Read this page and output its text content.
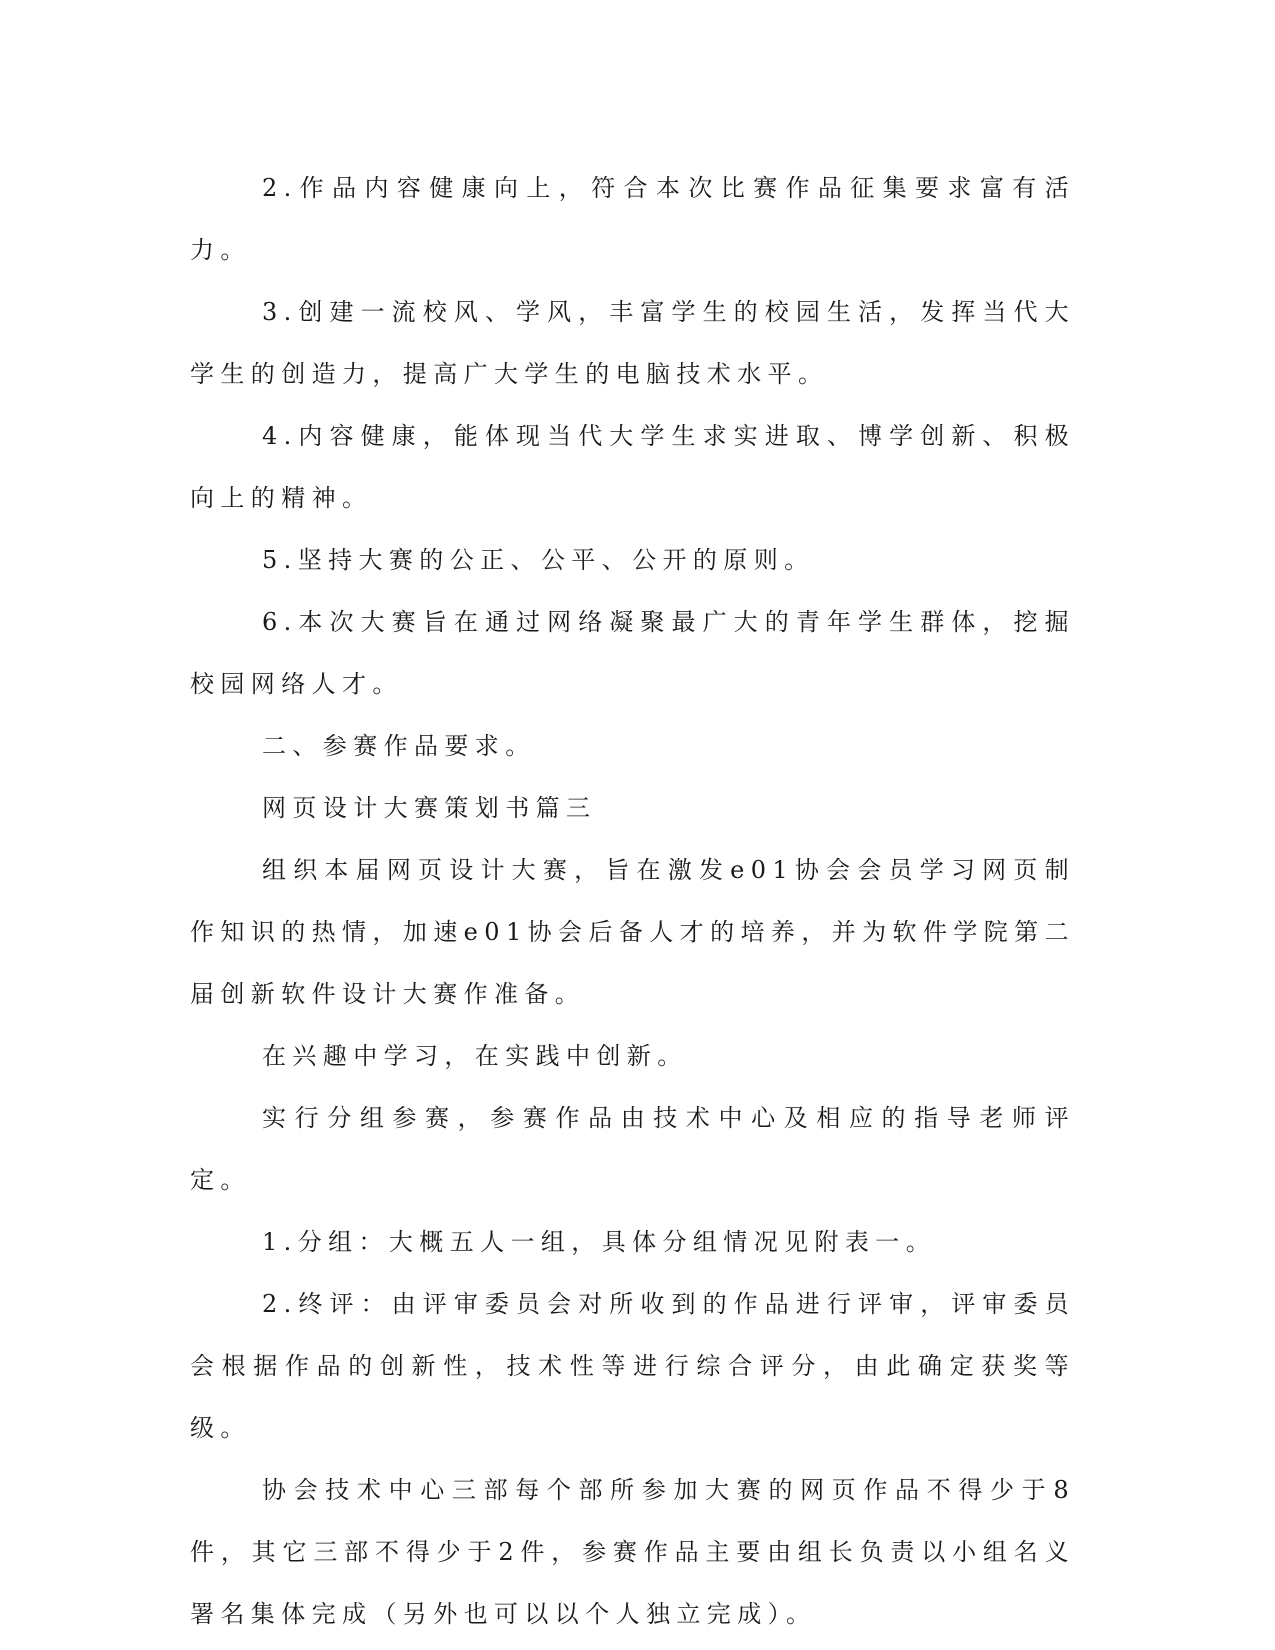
2.作品内容健康向上，符合本次比赛作品征集要求富有活力。

3.创建一流校风、学风，丰富学生的校园生活，发挥当代大学生的创造力，提高广大学生的电脑技术水平。

4.内容健康，能体现当代大学生求实进取、博学创新、积极向上的精神。

5.坚持大赛的公正、公平、公开的原则。

6.本次大赛旨在通过网络凝聚最广大的青年学生群体，挖掘校园网络人才。

二、参赛作品要求。

网页设计大赛策划书篇三

组织本届网页设计大赛，旨在激发e01协会会员学习网页制作知识的热情，加速e01协会后备人才的培养，并为软件学院第二届创新软件设计大赛作准备。

在兴趣中学习，在实践中创新。

实行分组参赛，参赛作品由技术中心及相应的指导老师评定。

1.分组：大概五人一组，具体分组情况见附表一。

2.终评：由评审委员会对所收到的作品进行评审，评审委员会根据作品的创新性，技术性等进行综合评分，由此确定获奖等级。

协会技术中心三部每个部所参加大赛的网页作品不得少于8件，其它三部不得少于2件，参赛作品主要由组长负责以小组名义署名集体完成（另外也可以以个人独立完成）。
